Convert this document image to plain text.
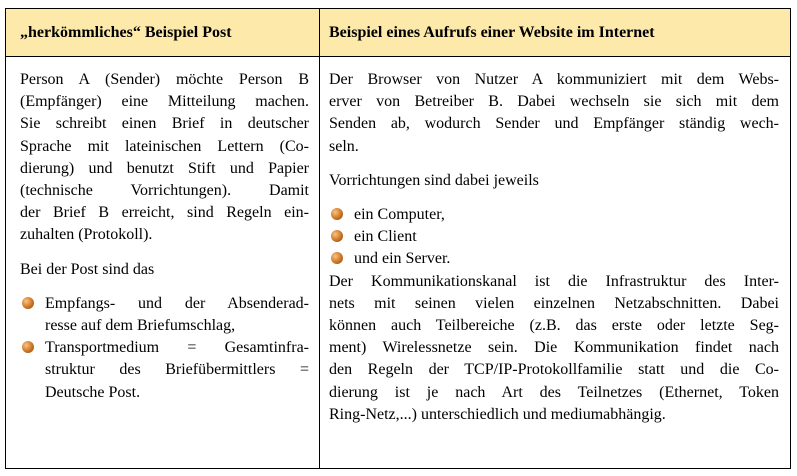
„herkömmliches“ Beispiel Post	Beispiel eines Aufrufs einer Website im Internet

Person A (Sender) möchte Person B
(Empfänger) eine Mitteilung machen.
Sie schreibt einen Brief in deutscher
Sprache mit lateinischen Lettern (Co-
dierung) und benutzt Stift und Papier
(technische Vorrichtungen). Damit
der Brief B erreicht, sind Regeln ein-
zuhalten (Protokoll).

Bei der Post sind das

Empfangs- und der Absenderad-
resse auf dem Briefumschlag,
Transportmedium = Gesamtinfra-
struktur des Briefübermittlers =
Deutsche Post.

Der Browser von Nutzer A kommuniziert mit dem Webs-
erver von Betreiber B. Dabei wechseln sie sich mit dem
Senden ab, wodurch Sender und Empfänger ständig wech-
seln.

Vorrichtungen sind dabei jeweils

ein Computer,
ein Client
und ein Server.

Der Kommunikationskanal ist die Infrastruktur des Inter-
nets mit seinen vielen einzelnen Netzabschnitten. Dabei
können auch Teilbereiche (z.B. das erste oder letzte Seg-
ment) Wirelessnetze sein. Die Kommunikation findet nach
den Regeln der TCP/IP-Protokollfamilie statt und die Co-
dierung ist je nach Art des Teilnetzes (Ethernet, Token
Ring-Netz,...) unterschiedlich und mediumabhängig.
